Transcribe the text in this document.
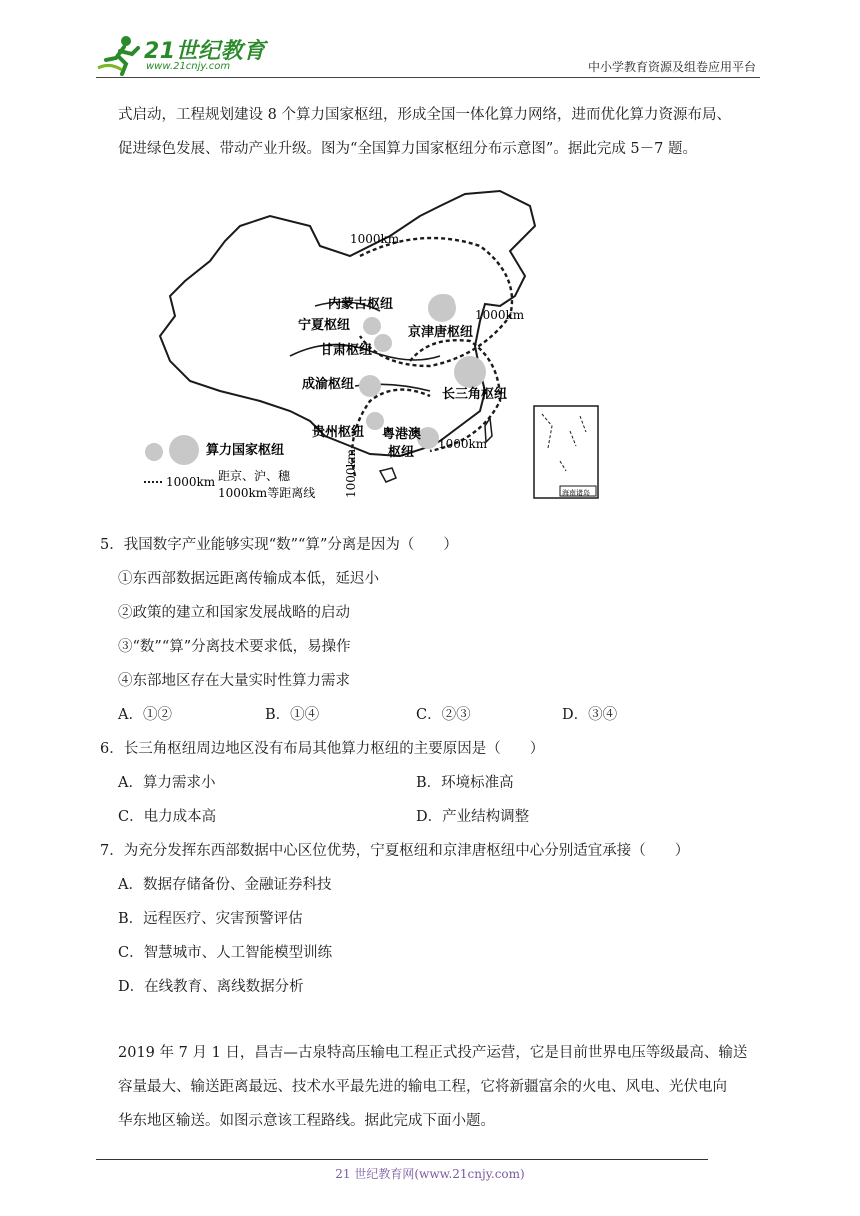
21世纪教育
www.21cnjy.com	中小学教育资源及组卷应用平台
式启动，工程规划建设 8 个算力国家枢纽，形成全国一体化算力网络，进而优化算力资源布局、
促进绿色发展、带动产业升级。图为“全国算力国家枢纽分布示意图”。据此完成 5－7 题。
1000km
1000km
1000km
1000km
内蒙古枢纽
宁夏枢纽	京津唐枢纽
甘肃枢纽
成渝枢纽
长三角枢纽
贵州枢纽 粤港澳
枢纽
算力国家枢纽
1000km 距京、沪、穗
1000km等距离线	海南诸岛
5．我国数字产业能够实现“数”“算”分离是因为（　　）
①东西部数据远距离传输成本低，延迟小
②政策的建立和国家发展战略的启动
③“数”“算”分离技术要求低，易操作
④东部地区存在大量实时性算力需求
A．①②	B．①④	C．②③	D．③④
6．长三角枢纽周边地区没有布局其他算力枢纽的主要原因是（　　）
A．算力需求小	B．环境标准高
C．电力成本高	D．产业结构调整
7．为充分发挥东西部数据中心区位优势，宁夏枢纽和京津唐枢纽中心分别适宜承接（　　）
A．数据存储备份、金融证券科技
B．远程医疗、灾害预警评估
C．智慧城市、人工智能模型训练
D．在线教育、离线数据分析
2019 年 7 月 1 日，昌吉—古泉特高压输电工程正式投产运营，它是目前世界电压等级最高、输送
容量最大、输送距离最远、技术水平最先进的输电工程，它将新疆富余的火电、风电、光伏电向
华东地区输送。如图示意该工程路线。据此完成下面小题。
21 世纪教育网(www.21cnjy.com)
